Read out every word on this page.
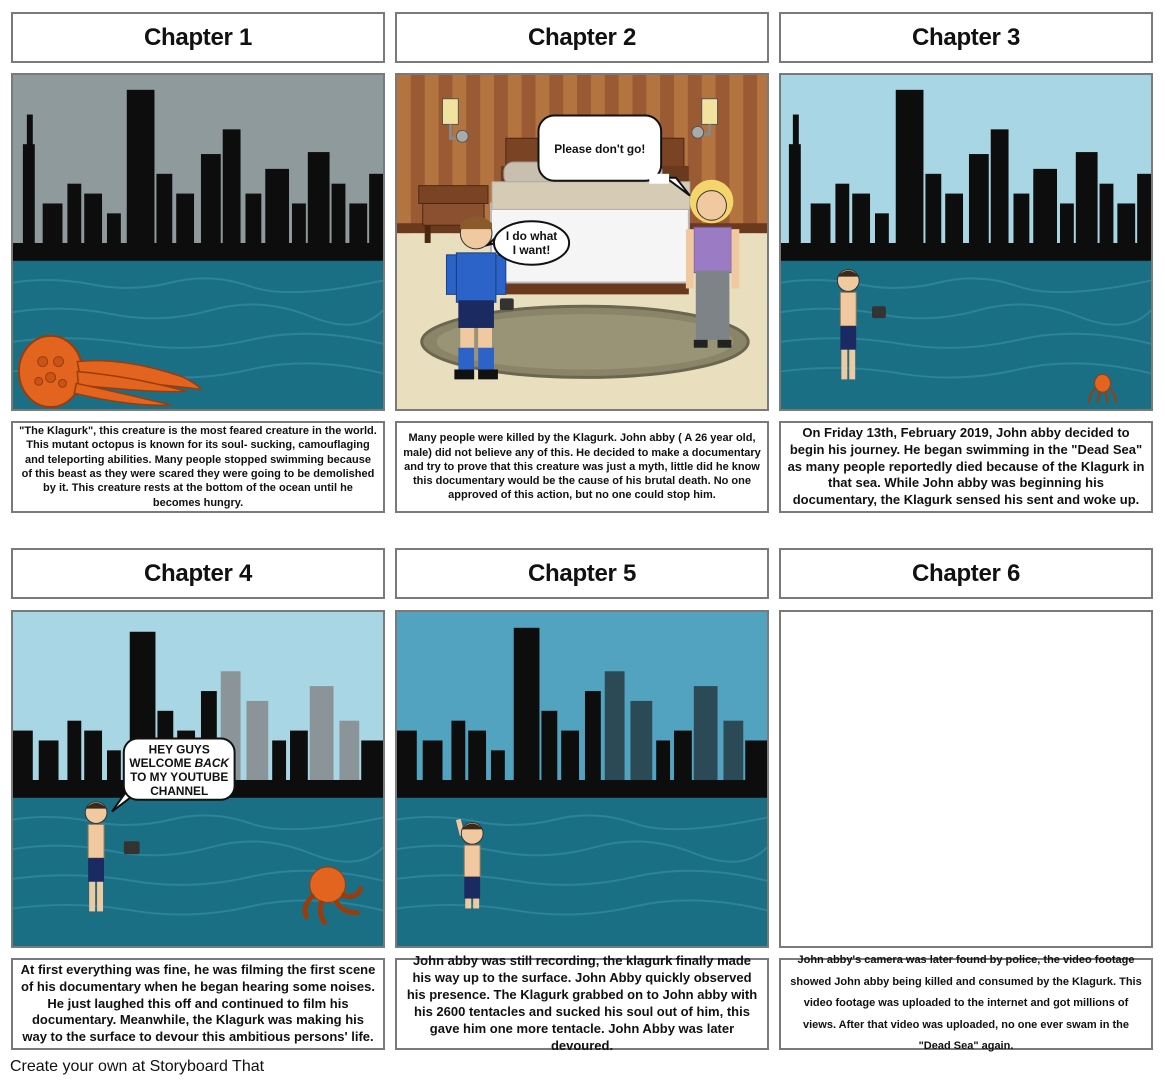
Chapter 1	Chapter 2	Chapter 3
Please don't go!
I do what
I want!
"The Klagurk", this creature is the most feared creature in the world. This mutant octopus is known for its soul- sucking, camouflaging and teleporting abilities. Many people stopped swimming because of this beast as they were scared they were going to be demolished by it. This creature rests at the bottom of the ocean until he becomes hungry.
Many people were killed by the Klagurk. John abby ( A 26 year old, male) did not believe any of this. He decided to make a documentary and try to prove that this creature was just a myth, little did he know this documentary would be the cause of his brutal death. No one approved of this action, but no one could stop him.
On Friday 13th, February 2019, John abby decided to begin his journey. He began swimming in the "Dead Sea" as many people reportedly died because of the Klagurk in that sea. While John abby was beginning his documentary, the Klagurk sensed his sent and woke up.
Chapter 4	Chapter 5	Chapter 6
HEY GUYS
WELCOME BACK
TO MY YOUTUBE
CHANNEL
At first everything was fine, he was filming the first scene of his documentary when he began hearing some noises. He just laughed this off and continued to film his documentary. Meanwhile, the Klagurk was making his way to the surface to devour this ambitious persons' life.
John abby was still recording, the klagurk finally made his way up to the surface. John Abby quickly observed his presence. The Klagurk grabbed on to John abby with his 2600 tentacles and sucked his soul out of him, this gave him one more tentacle. John Abby was later devoured.
John abby's camera was later found by police, the video footage showed John abby being killed and consumed by the Klagurk. This video footage was uploaded to the internet and got millions of views. After that video was uploaded, no one ever swam in the "Dead Sea" again.
Create your own at Storyboard That
